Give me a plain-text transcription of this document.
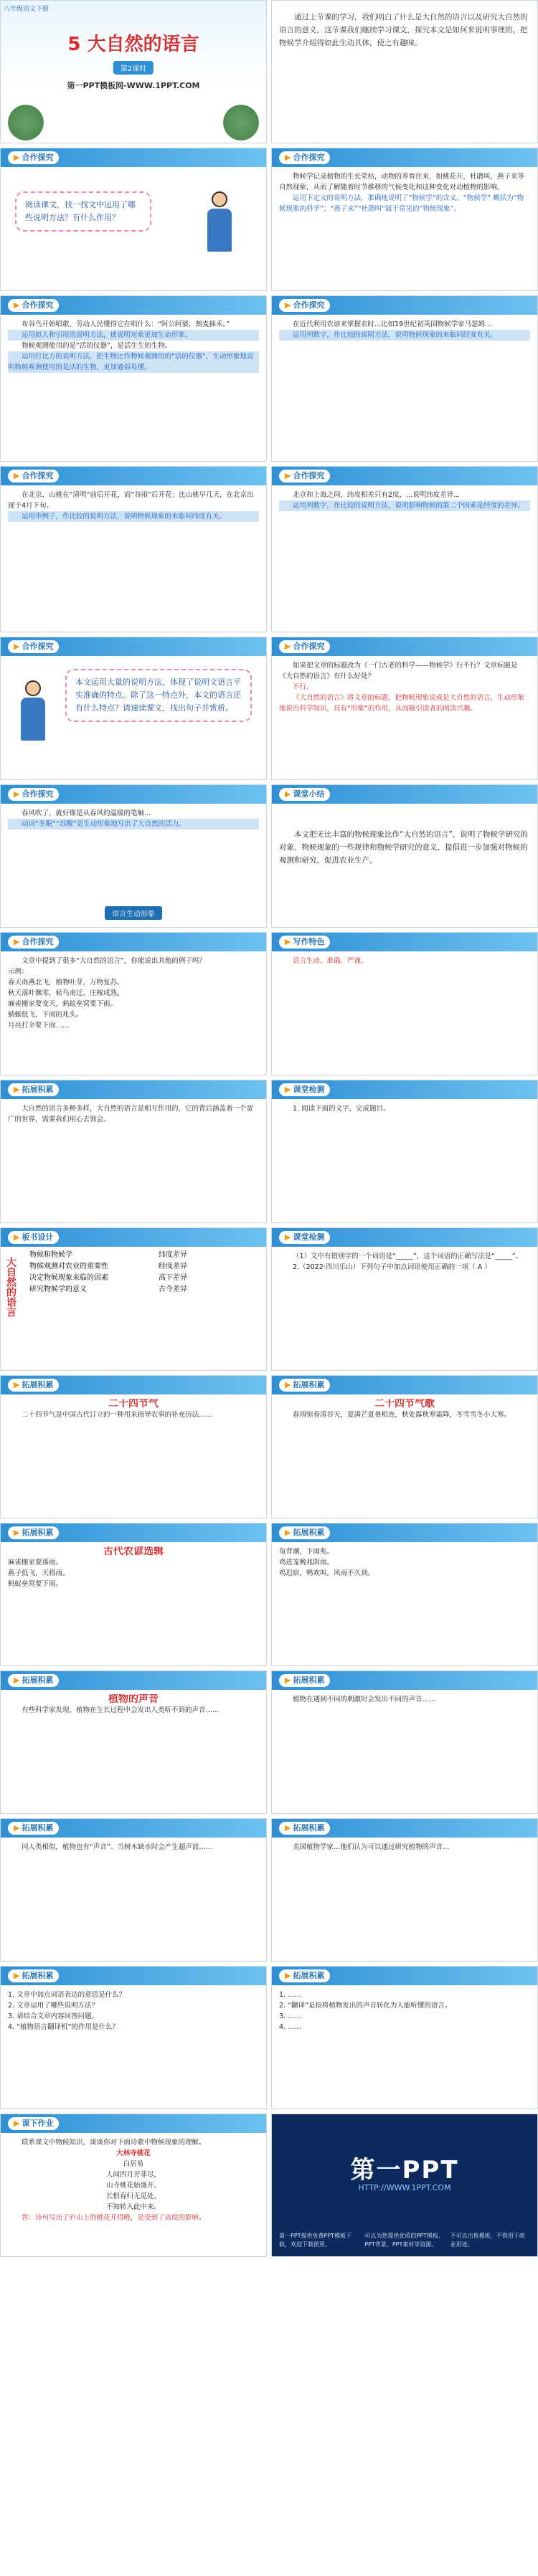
八年级语文下册
5 大自然的语言
第2课时
第一PPT模板网-WWW.1PPT.COM

通过上节课的学习，我们明白了什么是大自然的语言以及研究大自然的语言的意义，这节课我们继续学习课文，探究本文是如何来说明事理的。把物候学介绍得如此生动具体，使之有趣味。

▶ 合作探究
阅读课文，找一找文中运用了哪些说明方法？有什么作用？
▶ 合作探究

物候学记录植物的生长荣枯，动物的养育往来，如桃花开，杜鹃叫，燕子来等自然现象，从而了解随着时节推移的气候变化和这种变化对动植物的影响。

运用下定义的说明方法，准确地说明了“物候学”的含义。“物候学” 概括为“物候现象的科学”；“燕子来”“杜鹃叫”属于常见的“物候现象”。

▶ 合作探究

布谷鸟开始唱歌，劳动人民懂得它在唱什么：“阿公阿婆，割麦插禾。”

运用拟人和引用的说明方法，使说明对象更加生动形象。

物候观测使用的是“活的仪器”，是活生生的生物。

运用打比方的说明方法，把生物比作物候观测用的“活的仪器”，生动形象地说明物候观测使用的是活的生物，更加通俗易懂。

▶ 合作探究

在近代利用农谚来掌握农时...比如19世纪初英国物候学家马瑟姆...

运用列数字，作比较的说明方法，说明物候现象的来临同经度有关。

▶ 合作探究

在北京，山桃在“清明”前后开花，而“谷雨”后开花；比山桃早几天，在北京出现于4月下旬。

运用举例子，作比较的说明方法，说明物候现象的来临同纬度有关。

▶ 合作探究

北京和上海之间，纬度相差只有2度，...说明纬度差异...

运用列数字，作比较的说明方法，说明影响物候的第二个因素是经度的差异。

▶ 合作探究
本文运用大量的说明方法，体现了说明文语言平实准确的特点。除了这一特点外，本文的语言还有什么特点？请速读课文，找出句子并赏析。
▶ 合作探究

如果把文章的标题改为《一门古老的科学——物候学》行不行？文章标题是《大自然的语言》有什么好处？

不行。

《大自然的语言》将文章的标题，把物候现象说成是大自然的语言，生动形象地说出科学知识，具有“形象”的作用，从而吸引读者的阅读兴趣。

▶ 合作探究

春风吹了，就好像是从春风的温暖的笔触…

动词“冬眠”“苏醒”更生动形象地写出了大自然的活力。

语言生动形象
▶ 课堂小结

本文把无比丰富的物候现象比作“大自然的语言”，说明了物候学研究的对象、物候现象的一些规律和物候学研究的意义，提倡进一步加强对物候的观测和研究，促进农业生产。

▶ 合作探究

文章中提到了很多“大自然的语言”，你能说出其他的例子吗？

示例：
春天南燕北飞，植物吐芽，万物复苏。
秋天落叶飘零，候鸟南迁，庄稼成熟。
麻雀搬家要变天，蚂蚁垒窝要下雨。
蜻蜓低飞，下雨的兆头。
月亮打伞要下雨……
▶ 写作特色

语言生动、准确、严谨。

▶ 拓展积累

大自然的语言多种多样，大自然的语言是相互作用的，它的背后涵盖着一个宽广的世界，需要我们用心去领会。

▶ 课堂检测

1. 阅读下面的文字，完成题目。

▶ 板书设计
大自然的语言
物候和物候学
物候观测对农业的重要性
决定物候现象来临的因素
研究物候学的意义
纬度差异
经度差异
高下差异
古今差异
▶ 课堂检测

（1）文中有错别字的一个词语是“_____”，这个词语的正确写法是“_____”。

2.（2022·四川乐山）下列句子中加点词语使用正确的一项（ A ）

▶ 拓展积累
二十四节气

二十四节气是中国古代订立的一种用来指导农事的补充历法……

▶ 拓展积累
二十四节气歌

春雨惊春清谷天，夏满芒夏暑相连，秋处露秋寒霜降，冬雪雪冬小大寒。

▶ 拓展积累
古代农谚选辑
麻雀搬家要落雨。
燕子低飞，天将雨。
蚂蚁垒窝要下雨。
▶ 拓展积累
龟背潮，下雨兆。
鸡进笼晚兆阴雨。
鸡迟宿，鸭欢叫，风雨不久到。
▶ 拓展积累
植物的声音

有些科学家发现，植物在生长过程中会发出人类听不到的声音……

▶ 拓展积累

植物在遇到不同的刺激时会发出不同的声音……

▶ 拓展积累

同人类相似，植物也有“声音”。当树木缺水时会产生超声波……

▶ 拓展积累

美国植物学家…他们认为可以通过研究植物的声音…

▶ 拓展积累
1. 文章中加点词语表达的意思是什么？
2. 文章运用了哪些说明方法？
3. 请结合文章内容回答问题。
4. “植物语言翻译机”的作用是什么？
▶ 拓展积累
1. ……
2. “翻译”是指将植物发出的声音转化为人能听懂的语言。
3. ……
4. ……
▶ 课下作业

联系课文中物候知识，谈谈你对下面诗歌中物候现象的理解。

大林寺桃花
白居易
人间四月芳菲尽，
山寺桃花始盛开。
长恨春归无觅处，
不知转入此中来。

答：诗句写出了庐山上的桃花开得晚，是受到了高度的影响。

第一PPT
HTTP://WWW.1PPT.COM
第一PPT提供免费PPT模板下载，欢迎下载使用。
可以为您提供优质的PPT模板、PPT背景、PPT素材等资源。
不可以出售模板，不得用于商业用途。
